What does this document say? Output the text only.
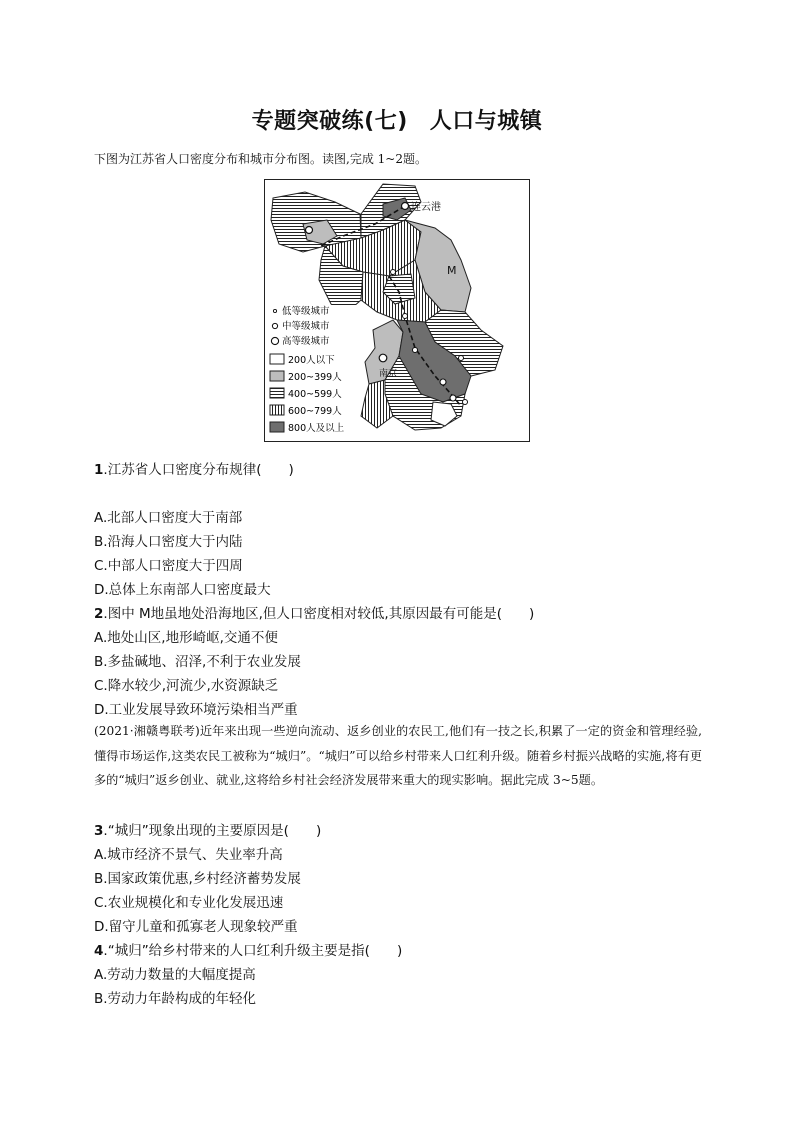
专题突破练(七) 人口与城镇
下图为江苏省人口密度分布和城市分布图。读图,完成 1~2题。
连云港
南京
M
低等级城市
中等级城市
高等级城市
200人以下
200~399人
400~599人
600~799人
800人及以上
1.江苏省人口密度分布规律(　　)
A.北部人口密度大于南部
B.沿海人口密度大于内陆
C.中部人口密度大于四周
D.总体上东南部人口密度最大
2.图中 M地虽地处沿海地区,但人口密度相对较低,其原因最有可能是(　　)
A.地处山区,地形崎岖,交通不便
B.多盐碱地、沼泽,不利于农业发展
C.降水较少,河流少,水资源缺乏
D.工业发展导致环境污染相当严重
(2021·湘赣粤联考)近年来出现一些逆向流动、返乡创业的农民工,他们有一技之长,积累了一定的资金和管理经验,懂得市场运作,这类农民工被称为“城归”。“城归”可以给乡村带来人口红利升级。随着乡村振兴战略的实施,将有更多的“城归”返乡创业、就业,这将给乡村社会经济发展带来重大的现实影响。据此完成 3~5题。
3.“城归”现象出现的主要原因是(　　)
A.城市经济不景气、失业率升高
B.国家政策优惠,乡村经济蓄势发展
C.农业规模化和专业化发展迅速
D.留守儿童和孤寡老人现象较严重
4.“城归”给乡村带来的人口红利升级主要是指(　　)
A.劳动力数量的大幅度提高
B.劳动力年龄构成的年轻化
